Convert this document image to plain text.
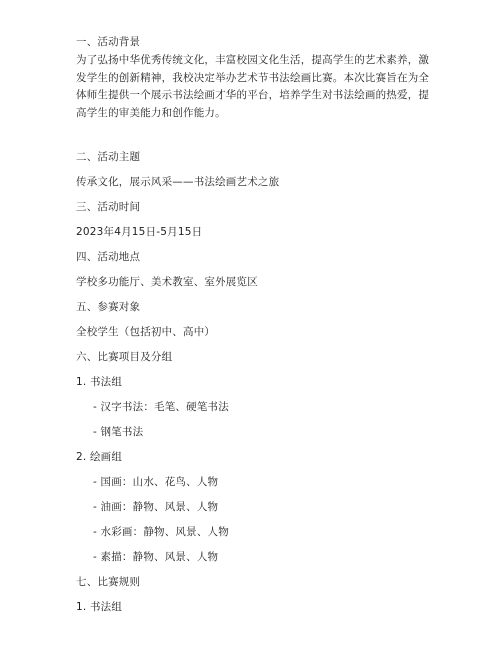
一、活动背景
为了弘扬中华优秀传统文化，丰富校园文化生活，提高学生的艺术素养，激发学生的创新精神，我校决定举办艺术节书法绘画比赛。本次比赛旨在为全体师生提供一个展示书法绘画才华的平台，培养学生对书法绘画的热爱，提高学生的审美能力和创作能力。
二、活动主题
传承文化，展示风采——书法绘画艺术之旅
三、活动时间
2023年4月15日-5月15日
四、活动地点
学校多功能厅、美术教室、室外展览区
五、参赛对象
全校学生（包括初中、高中）
六、比赛项目及分组
1. 书法组
- 汉字书法：毛笔、硬笔书法
- 钢笔书法
2. 绘画组
- 国画：山水、花鸟、人物
- 油画：静物、风景、人物
- 水彩画：静物、风景、人物
- 素描：静物、风景、人物
七、比赛规则
1. 书法组
